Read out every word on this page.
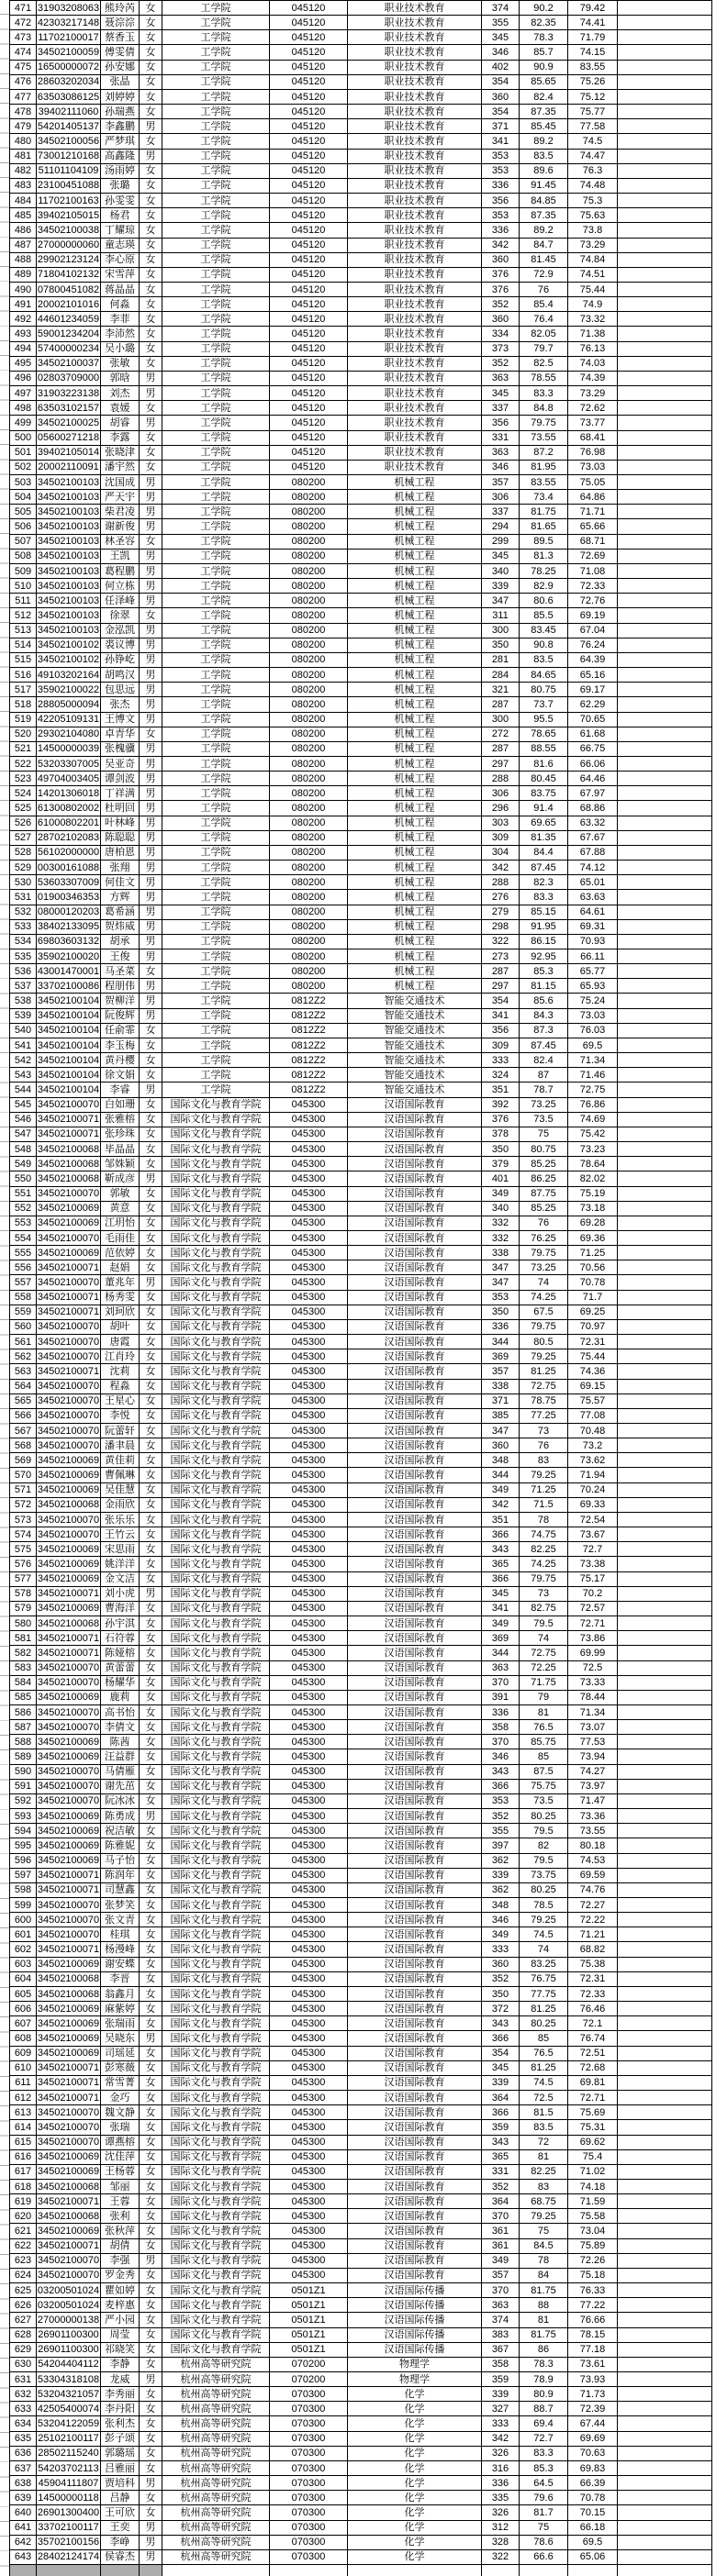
471	31903208063	熊玲芮	女	工学院	045120	职业技术教育	374	90.2	79.42	
472	42303217148	聂淙淙	女	工学院	045120	职业技术教育	355	82.35	74.41	
473	11702100017	蔡香玉	女	工学院	045120	职业技术教育	345	78.3	71.79	
474	34502100059	傅雯倩	女	工学院	045120	职业技术教育	346	85.7	74.15	
475	16500000072	孙安娜	女	工学院	045120	职业技术教育	402	90.9	83.55	
476	28603202034	张晶	女	工学院	045120	职业技术教育	354	85.65	75.26	
477	63503086125	刘婷婷	女	工学院	045120	职业技术教育	360	82.4	75.12	
478	39402111060	孙瑞燕	女	工学院	045120	职业技术教育	354	87.35	75.77	
479	54201405137	李鑫鹏	男	工学院	045120	职业技术教育	371	85.45	77.58	
480	34502100056	严梦琪	女	工学院	045120	职业技术教育	341	89.2	74.5	
481	73001210168	高鑫隆	男	工学院	045120	职业技术教育	353	83.5	74.47	
482	51101104109	汤雨婷	女	工学院	045120	职业技术教育	353	89.6	76.3	
483	23100451088	张璐	女	工学院	045120	职业技术教育	336	91.45	74.48	
484	11702100163	孙雯雯	女	工学院	045120	职业技术教育	356	84.85	75.3	
485	39402105015	杨君	女	工学院	045120	职业技术教育	353	87.35	75.63	
486	34502100038	丁耀琼	女	工学院	045120	职业技术教育	336	89.2	73.8	
487	27000000060	童志瑛	女	工学院	045120	职业技术教育	342	84.7	73.29	
488	29902123124	李心原	女	工学院	045120	职业技术教育	360	81.45	74.84	
489	71804102132	宋雪萍	女	工学院	045120	职业技术教育	376	72.9	74.51	
490	07800451082	蒋晶晶	女	工学院	045120	职业技术教育	376	76	75.44	
491	20002101016	何淼	女	工学院	045120	职业技术教育	352	85.4	74.9	
492	44601234059	李菲	女	工学院	045120	职业技术教育	360	76.4	73.32	
493	59001234204	李沛然	女	工学院	045120	职业技术教育	334	82.05	71.38	
494	57400000234	吴小璐	女	工学院	045120	职业技术教育	373	79.7	76.13	
495	34502100037	张敏	女	工学院	045120	职业技术教育	352	82.5	74.03	
496	02803709000	郭晗	男	工学院	045120	职业技术教育	363	78.55	74.39	
497	31903223138	刘杰	男	工学院	045120	职业技术教育	345	83.3	73.29	
498	63503102157	袁媛	女	工学院	045120	职业技术教育	337	84.8	72.62	
499	34502100025	胡睿	男	工学院	045120	职业技术教育	356	79.75	73.77	
500	05600271218	李露	女	工学院	045120	职业技术教育	331	73.55	68.41	
501	39402105014	张晓津	女	工学院	045120	职业技术教育	363	87.2	76.98	
502	20002110091	潘宇然	女	工学院	045120	职业技术教育	346	81.95	73.03	
503	34502100103	沈国成	男	工学院	080200	机械工程	357	83.55	75.05	
504	34502100103	严天宇	男	工学院	080200	机械工程	306	73.4	64.86	
505	34502100103	柴君凌	男	工学院	080200	机械工程	337	81.75	71.71	
506	34502100103	谢新俊	男	工学院	080200	机械工程	294	81.65	65.66	
507	34502100103	林圣容	女	工学院	080200	机械工程	299	89.5	68.71	
508	34502100103	王凯	男	工学院	080200	机械工程	345	81.3	72.69	
509	34502100103	葛程鹏	男	工学院	080200	机械工程	340	78.25	71.08	
510	34502100103	何立栋	男	工学院	080200	机械工程	339	82.9	72.33	
511	34502100103	任泽峰	男	工学院	080200	机械工程	347	80.6	72.76	
512	34502100103	徐翠	女	工学院	080200	机械工程	311	85.5	69.19	
513	34502100103	金泓凯	男	工学院	080200	机械工程	300	83.45	67.04	
514	34502100102	裘议博	男	工学院	080200	机械工程	350	90.8	76.24	
515	34502100102	孙铮屹	男	工学院	080200	机械工程	281	83.5	64.39	
516	49103202164	胡鸣汉	男	工学院	080200	机械工程	284	84.65	65.16	
517	35902100022	包思远	男	工学院	080200	机械工程	321	80.75	69.17	
518	28805000094	张杰	男	工学院	080200	机械工程	287	73.7	62.29	
519	42205109131	王博文	男	工学院	080200	机械工程	300	95.5	70.65	
520	29302104080	卓青华	女	工学院	080200	机械工程	272	78.65	61.68	
521	14500000039	张槐骥	男	工学院	080200	机械工程	287	88.55	66.75	
522	53203307005	吴亚奇	男	工学院	080200	机械工程	297	81.6	66.06	
523	49704003405	谭剑波	男	工学院	080200	机械工程	288	80.45	64.46	
524	14201306018	丁祥满	男	工学院	080200	机械工程	306	83.75	67.97	
525	61300802002	杜明回	男	工学院	080200	机械工程	296	91.4	68.86	
526	61000802201	叶林峰	男	工学院	080200	机械工程	303	69.65	63.32	
527	28702102083	陈聪聪	男	工学院	080200	机械工程	309	81.35	67.67	
528	56102000000	唐柏恩	男	工学院	080200	机械工程	304	84.4	67.88	
529	00300161088	张翔	男	工学院	080200	机械工程	342	87.45	74.12	
530	53603307009	何佳文	男	工学院	080200	机械工程	288	82.3	65.01	
531	01900346353	方辉	男	工学院	080200	机械工程	276	83.3	63.63	
532	08000120203	葛希涵	男	工学院	080200	机械工程	279	85.15	64.61	
533	38402133095	贺炜威	男	工学院	080200	机械工程	298	91.95	69.31	
534	69803603132	胡承	男	工学院	080200	机械工程	322	86.15	70.93	
535	35902100020	王俊	男	工学院	080200	机械工程	273	92.95	66.11	
536	43001470001	马圣菜	女	工学院	080200	机械工程	287	85.3	65.77	
537	33702100086	程朋伟	男	工学院	080200	机械工程	297	81.15	65.93	
538	34502100104	贺柳洋	男	工学院	0812Z2	智能交通技术	354	85.6	75.24	
539	34502100104	阮俊辉	男	工学院	0812Z2	智能交通技术	341	84.3	73.03	
540	34502100104	任俞霏	女	工学院	0812Z2	智能交通技术	356	87.3	76.03	
541	34502100104	李玉梅	女	工学院	0812Z2	智能交通技术	309	87.45	69.5	
542	34502100104	黄丹樱	女	工学院	0812Z2	智能交通技术	333	82.4	71.34	
543	34502100104	徐文娟	女	工学院	0812Z2	智能交通技术	324	87	71.46	
544	34502100104	李睿	男	工学院	0812Z2	智能交通技术	351	78.7	72.75	
545	34502100070	白如珊	女	国际文化与教育学院	045300	汉语国际教育	392	73.25	76.86	
546	34502100071	张雅榕	女	国际文化与教育学院	045300	汉语国际教育	376	73.5	74.69	
547	34502100071	张珍珠	女	国际文化与教育学院	045300	汉语国际教育	378	75	75.42	
548	34502100068	毕晶晶	女	国际文化与教育学院	045300	汉语国际教育	350	80.75	73.23	
549	34502100068	邹姝颖	女	国际文化与教育学院	045300	汉语国际教育	379	85.25	78.64	
550	34502100068	靳成彦	男	国际文化与教育学院	045300	汉语国际教育	401	86.25	82.02	
551	34502100070	郭敏	女	国际文化与教育学院	045300	汉语国际教育	349	87.75	75.19	
552	34502100069	黄意	女	国际文化与教育学院	045300	汉语国际教育	340	85.25	73.18	
553	34502100069	江玥怡	女	国际文化与教育学院	045300	汉语国际教育	332	76	69.28	
554	34502100070	毛雨佳	女	国际文化与教育学院	045300	汉语国际教育	332	76.25	69.36	
555	34502100069	范依婷	女	国际文化与教育学院	045300	汉语国际教育	338	79.75	71.25	
556	34502100071	赵娟	女	国际文化与教育学院	045300	汉语国际教育	347	73.25	70.56	
557	34502100070	董兆年	男	国际文化与教育学院	045300	汉语国际教育	347	74	70.78	
558	34502100071	杨秀雯	女	国际文化与教育学院	045300	汉语国际教育	353	74.25	71.7	
559	34502100071	刘珂欣	女	国际文化与教育学院	045300	汉语国际教育	350	67.5	69.25	
560	34502100070	胡叶	女	国际文化与教育学院	045300	汉语国际教育	336	79.75	70.97	
561	34502100070	唐霞	女	国际文化与教育学院	045300	汉语国际教育	344	80.5	72.31	
562	34502100070	江肖玲	女	国际文化与教育学院	045300	汉语国际教育	369	79.25	75.44	
563	34502100071	沈莉	女	国际文化与教育学院	045300	汉语国际教育	357	81.25	74.36	
564	34502100070	程淼	女	国际文化与教育学院	045300	汉语国际教育	338	72.75	69.15	
565	34502100070	王星心	女	国际文化与教育学院	045300	汉语国际教育	371	78.75	75.57	
566	34502100070	李悦	女	国际文化与教育学院	045300	汉语国际教育	385	77.25	77.08	
567	34502100070	阮蕾轩	女	国际文化与教育学院	045300	汉语国际教育	347	73	70.48	
568	34502100070	潘聿晨	女	国际文化与教育学院	045300	汉语国际教育	360	76	73.2	
569	34502100069	黄佳莉	女	国际文化与教育学院	045300	汉语国际教育	348	83	73.62	
570	34502100069	曹佩琳	女	国际文化与教育学院	045300	汉语国际教育	344	79.25	71.94	
571	34502100069	吴佳慧	女	国际文化与教育学院	045300	汉语国际教育	349	71.25	70.24	
572	34502100068	金雨欣	女	国际文化与教育学院	045300	汉语国际教育	342	71.5	69.33	
573	34502100070	张乐乐	女	国际文化与教育学院	045300	汉语国际教育	351	78	72.54	
574	34502100070	王竹云	女	国际文化与教育学院	045300	汉语国际教育	366	74.75	73.67	
575	34502100069	宋思雨	女	国际文化与教育学院	045300	汉语国际教育	343	82.25	72.7	
576	34502100069	姚洋洋	女	国际文化与教育学院	045300	汉语国际教育	365	74.25	73.38	
577	34502100069	金文洁	女	国际文化与教育学院	045300	汉语国际教育	366	79.75	75.17	
578	34502100071	刘小虎	男	国际文化与教育学院	045300	汉语国际教育	345	73	70.2	
579	34502100069	曹海洋	女	国际文化与教育学院	045300	汉语国际教育	341	82.75	72.57	
580	34502100068	孙宇淇	女	国际文化与教育学院	045300	汉语国际教育	349	79.5	72.71	
581	34502100071	石符蓉	女	国际文化与教育学院	045300	汉语国际教育	369	74	73.86	
582	34502100071	陈娅榕	女	国际文化与教育学院	045300	汉语国际教育	344	72.75	69.99	
583	34502100070	黄蕾蕾	女	国际文化与教育学院	045300	汉语国际教育	363	72.25	72.5	
584	34502100070	杨耀华	女	国际文化与教育学院	045300	汉语国际教育	370	71.75	73.33	
585	34502100069	鹿莉	女	国际文化与教育学院	045300	汉语国际教育	391	79	78.44	
586	34502100070	高书怡	女	国际文化与教育学院	045300	汉语国际教育	336	81	71.34	
587	34502100070	李倩文	女	国际文化与教育学院	045300	汉语国际教育	358	76.5	73.07	
588	34502100069	陈茜	女	国际文化与教育学院	045300	汉语国际教育	370	85.75	77.53	
589	34502100069	汪益群	女	国际文化与教育学院	045300	汉语国际教育	346	85	73.94	
590	34502100070	马倩雁	女	国际文化与教育学院	045300	汉语国际教育	343	87.5	74.27	
591	34502100070	谢先茁	女	国际文化与教育学院	045300	汉语国际教育	366	75.75	73.97	
592	34502100070	阮冰冰	女	国际文化与教育学院	045300	汉语国际教育	353	73.5	71.47	
593	34502100069	陈勇成	男	国际文化与教育学院	045300	汉语国际教育	352	80.25	73.36	
594	34502100069	祝洁敏	女	国际文化与教育学院	045300	汉语国际教育	355	79.5	73.55	
595	34502100069	陈雅妮	女	国际文化与教育学院	045300	汉语国际教育	397	82	80.18	
596	34502100069	马子怡	女	国际文化与教育学院	045300	汉语国际教育	362	79.5	74.53	
597	34502100071	陈润年	女	国际文化与教育学院	045300	汉语国际教育	339	73.75	69.59	
598	34502100071	司慧鑫	女	国际文化与教育学院	045300	汉语国际教育	362	80.25	74.76	
599	34502100070	张梦笑	女	国际文化与教育学院	045300	汉语国际教育	348	78.5	72.27	
600	34502100070	张文青	女	国际文化与教育学院	045300	汉语国际教育	346	79.25	72.22	
601	34502100070	桂琪	女	国际文化与教育学院	045300	汉语国际教育	349	74.5	71.21	
602	34502100071	杨漫峰	女	国际文化与教育学院	045300	汉语国际教育	333	74	68.82	
603	34502100069	谢安蝶	女	国际文化与教育学院	045300	汉语国际教育	360	83.25	75.38	
604	34502100068	李晋	女	国际文化与教育学院	045300	汉语国际教育	352	76.75	72.31	
605	34502100068	翁鑫月	女	国际文化与教育学院	045300	汉语国际教育	350	77.75	72.33	
606	34502100069	麻紫婷	女	国际文化与教育学院	045300	汉语国际教育	372	81.25	76.46	
607	34502100069	张瑞雨	女	国际文化与教育学院	045300	汉语国际教育	343	80.25	72.1	
608	34502100069	吴晓东	男	国际文化与教育学院	045300	汉语国际教育	366	85	76.74	
609	34502100069	司瑶延	女	国际文化与教育学院	045300	汉语国际教育	354	76.5	72.51	
610	34502100071	彭寒薇	女	国际文化与教育学院	045300	汉语国际教育	345	81.25	72.68	
611	34502100071	常雪菁	女	国际文化与教育学院	045300	汉语国际教育	339	74.5	69.81	
612	34502100071	金巧	女	国际文化与教育学院	045300	汉语国际教育	364	72.5	72.71	
613	34502100070	魏文静	女	国际文化与教育学院	045300	汉语国际教育	366	81.5	75.69	
614	34502100070	张瑞	女	国际文化与教育学院	045300	汉语国际教育	359	83.5	75.31	
615	34502100070	谭燕榕	女	国际文化与教育学院	045300	汉语国际教育	343	72	69.62	
616	34502100069	沈佳萍	女	国际文化与教育学院	045300	汉语国际教育	365	81	75.4	
617	34502100069	王杨蓉	女	国际文化与教育学院	045300	汉语国际教育	331	82.25	71.02	
618	34502100068	邹丽	女	国际文化与教育学院	045300	汉语国际教育	352	83	74.18	
619	34502100071	王蓉	女	国际文化与教育学院	045300	汉语国际教育	364	68.75	71.59	
620	34502100068	张利	女	国际文化与教育学院	045300	汉语国际教育	370	79.25	75.58	
621	34502100069	张秋萍	女	国际文化与教育学院	045300	汉语国际教育	361	75	73.04	
622	34502100071	胡倩	女	国际文化与教育学院	045300	汉语国际教育	361	84.5	75.89	
623	34502100070	李强	男	国际文化与教育学院	045300	汉语国际教育	349	78	72.26	
624	34502100070	罗金秀	女	国际文化与教育学院	045300	汉语国际教育	357	84	75.18	
625	03200501024	瞿如婷	女	国际文化与教育学院	0501Z1	汉语国际传播	370	81.75	76.33	
626	03200501024	麦梓惠	女	国际文化与教育学院	0501Z1	汉语国际传播	363	88	77.22	
627	27000000138	严小园	女	国际文化与教育学院	0501Z1	汉语国际传播	374	81	76.66	
628	26901100300	周莹	女	国际文化与教育学院	0501Z1	汉语国际传播	383	81.75	78.15	
629	26901100300	祁晓笑	女	国际文化与教育学院	0501Z1	汉语国际传播	367	86	77.18	
630	54204404112	李静	女	杭州高等研究院	070200	物理学	358	78.3	73.61	
631	53304318108	龙威	男	杭州高等研究院	070200	物理学	359	78.9	73.93	
632	53204321057	李秀丽	女	杭州高等研究院	070300	化学	339	80.9	71.73	
633	42505400074	李丹阳	女	杭州高等研究院	070300	化学	327	88.7	72.39	
634	53204122059	张利杰	女	杭州高等研究院	070300	化学	333	69.4	67.44	
635	25102100117	彭子颂	女	杭州高等研究院	070300	化学	342	72.7	69.69	
636	28502115240	郭璐瑶	女	杭州高等研究院	070300	化学	326	83.3	70.63	
637	54203702113	吕雅丽	女	杭州高等研究院	070300	化学	316	85.3	69.83	
638	45904111807	贾培科	男	杭州高等研究院	070300	化学	336	64.5	66.39	
639	14500000118	吕静	女	杭州高等研究院	070300	化学	335	79.6	70.78	
640	26901300400	王可欣	女	杭州高等研究院	070300	化学	326	81.7	70.15	
641	33702100117	王奕	男	杭州高等研究院	070300	化学	312	75	66.18	
642	35702100156	李峥	男	杭州高等研究院	070300	化学	328	78.6	69.5	
643	28402124174	侯睿杰	男	杭州高等研究院	070300	化学	322	66.6	65.06	
